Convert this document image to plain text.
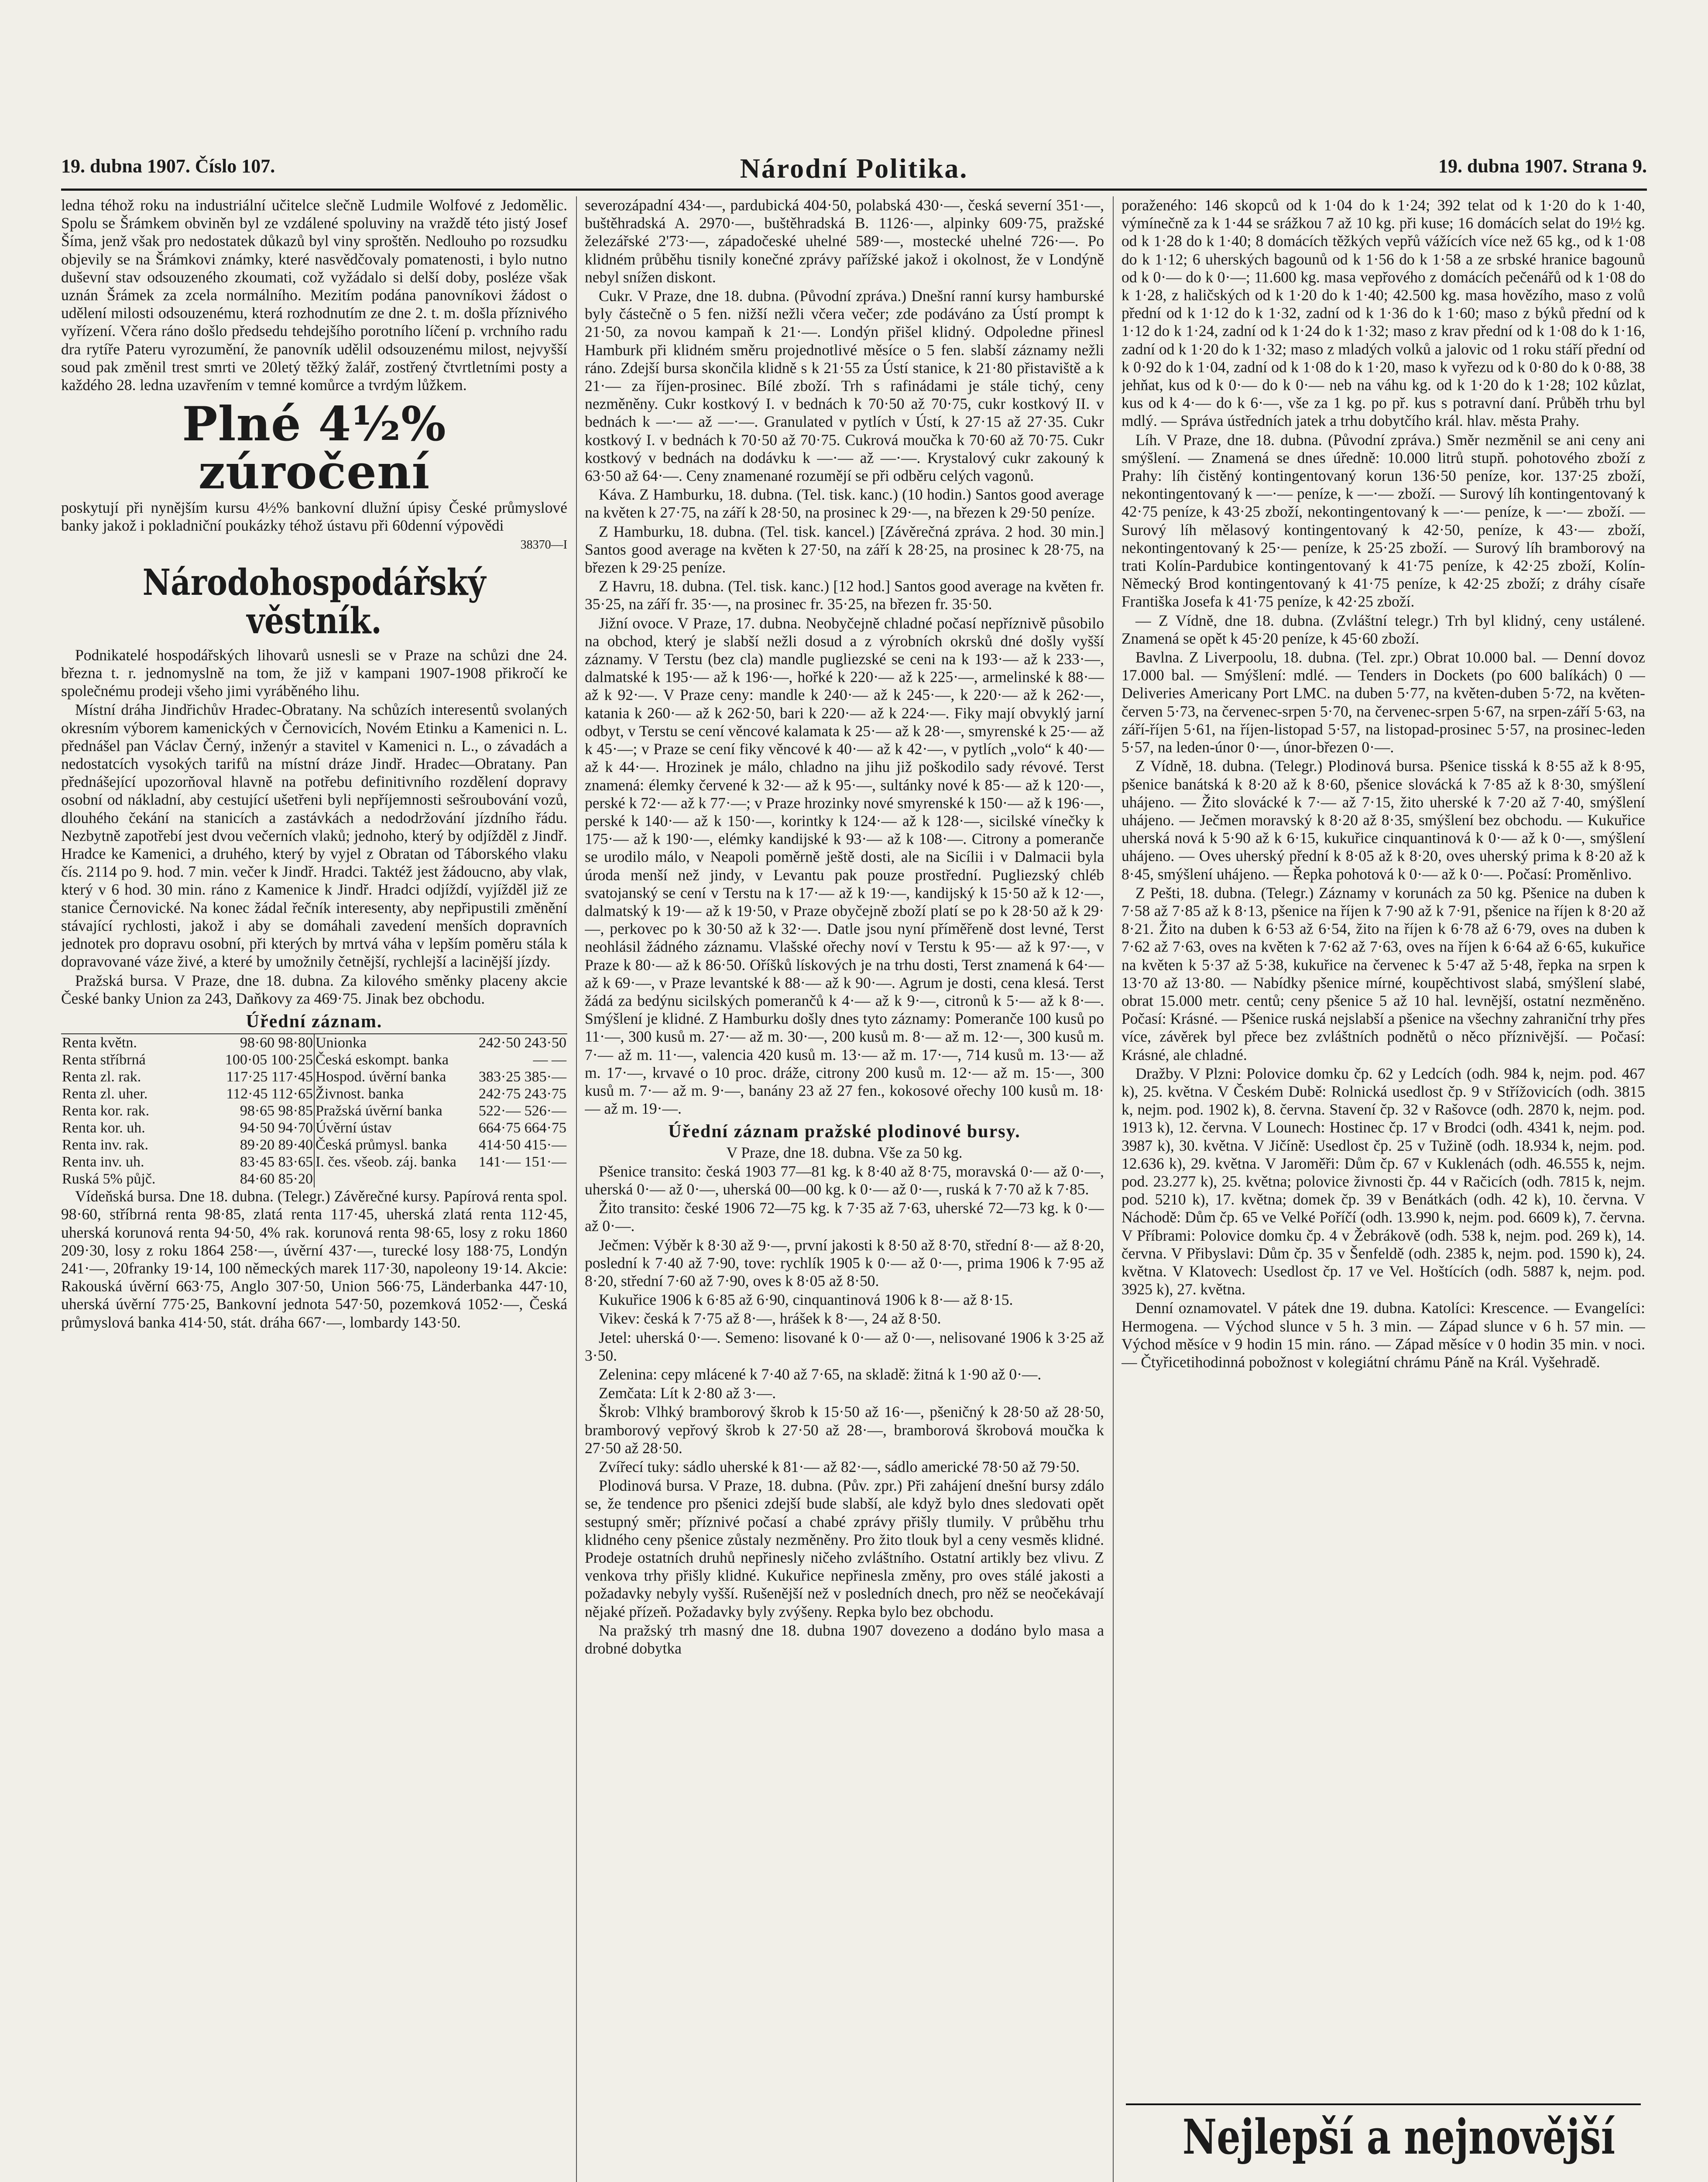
19. dubna 1907. Číslo 107.	Národní Politika.	19. dubna 1907. Strana 9.

ledna téhož roku na industriální učitelce slečně Ludmile Wolfové z Jedomělic. Spolu se Šrámkem obviněn byl ze vzdálené spoluviny na vraždě této jistý Josef Šíma, jenž však pro nedostatek důkazů byl viny sproštěn. Nedlouho po rozsudku objevily se na Šrámkovi známky, které nasvědčovaly pomatenosti, i bylo nutno duševní stav odsouzeného zkoumati, což vyžádalo si delší doby, posléze však uznán Šrámek za zcela normálního. Mezitím podána panovníkovi žádost o udělení milosti odsouzenému, která rozhodnutím ze dne 2. t. m. došla příznivého vyřízení. Včera ráno došlo předsedu tehdejšího porotního líčení p. vrchního radu dra rytíře Pateru vyrozumění, že panovník udělil odsouzenému milost, nejvyšší soud pak změnil trest smrti ve 20letý těžký žalář, zostřený čtvrtletními posty a každého 28. ledna uzavřením v temné komůrce a tvrdým lůžkem.

Plné 4½% zúročení

poskytují při nynějším kursu 4½% bankovní dlužní úpisy České průmyslové banky jakož i pokladniční poukázky téhož ústavu při 60denní výpovědi

38370—I
Národohospodářský věstník.

Podnikatelé hospodářských lihovarů usnesli se v Praze na schůzi dne 24. března t. r. jednomyslně na tom, že již v kampani 1907-1908 přikročí ke společnému prodeji všeho jimi vyráběného lihu.

Místní dráha Jindřichův Hradec-Obratany. Na schůzích interesentů svolaných okresním výborem kamenických v Černovicích, Novém Etinku a Kamenici n. L. přednášel pan Václav Černý, inženýr a stavitel v Kamenici n. L., o závadách a nedostatcích vysokých tarifů na místní dráze Jindř. Hradec—Obratany. Pan přednášející upozorňoval hlavně na potřebu definitivního rozdělení dopravy osobní od nákladní, aby cestující ušetřeni byli nepříjemnosti sešroubování vozů, dlouhého čekání na stanicích a zastávkách a nedodržování jízdního řádu. Nezbytně zapotřebí jest dvou večerních vlaků; jednoho, který by odjížděl z Jindř. Hradce ke Kamenici, a druhého, který by vyjel z Obratan od Táborského vlaku čís. 2114 po 9. hod. 7 min. večer k Jindř. Hradci. Taktéž jest žádoucno, aby vlak, který v 6 hod. 30 min. ráno z Kamenice k Jindř. Hradci odjíždí, vyjížděl již ze stanice Černovické. Na konec žádal řečník interesenty, aby nepřipustili změnění stávající rychlosti, jakož i aby se domáhali zavedení menších dopravních jednotek pro dopravu osobní, při kterých by mrtvá váha v lepším poměru stála k dopravované váze živé, a které by umožnily četnější, rychlejší a lacinější jízdy.

Pražská bursa. V Praze, dne 18. dubna. Za kilového směnky placeny akcie České banky Union za 243, Daňkovy za 469·75. Jinak bez obchodu.

Úřední záznam.
Renta květn.	98·60 98·80
Renta stříbrná	100·05 100·25
Renta zl. rak.	117·25 117·45
Renta zl. uher.	112·45 112·65
Renta kor. rak.	98·65 98·85
Renta kor. uh.	94·50 94·70
Renta inv. rak.	89·20 89·40
Renta inv. uh.	83·45 83·65
Ruská 5% půjč.	84·60 85·20
Unionka	242·50 243·50
Česká eskompt. banka	— —
Hospod. úvěrní banka	383·25 385·—
Živnost. banka	242·75 243·75
Pražská úvěrní banka	522·— 526·—
Úvěrní ústav	664·75 664·75
Česká průmysl. banka	414·50 415·—
I. čes. všeob. záj. banka	141·— 151·—

Vídeňská bursa. Dne 18. dubna. (Telegr.) Závěrečné kursy. Papírová renta spol. 98·60, stříbrná renta 98·85, zlatá renta 117·45, uherská zlatá renta 112·45, uherská korunová renta 94·50, 4% rak. korunová renta 98·65, losy z roku 1860 209·30, losy z roku 1864 258·—, úvěrní 437·—, turecké losy 188·75, Londýn 241·—, 20franky 19·14, 100 německých marek 117·30, napoleony 19·14. Akcie: Rakouská úvěrní 663·75, Anglo 307·50, Union 566·75, Länderbanka 447·10, uherská úvěrní 775·25, Bankovní jednota 547·50, pozemková 1052·—, Česká průmyslová banka 414·50, stát. dráha 667·—, lombardy 143·50.

severozápadní 434·—, pardubická 404·50, polabská 430·—, česká severní 351·—, buštěhradská A. 2970·—, buštěhradská B. 1126·—, alpinky 609·75, pražské železářské 2'73·—, západočeské uhelné 589·—, mostecké uhelné 726·—. Po klidném průběhu tisnily konečné zprávy pařížské jakož i okolnost, že v Londýně nebyl snížen diskont.

Cukr. V Praze, dne 18. dubna. (Původní zpráva.) Dnešní ranní kursy hamburské byly částečně o 5 fen. nižší nežli včera večer; zde podáváno za Ústí prompt k 21·50, za novou kampaň k 21·—. Londýn přišel klidný. Odpoledne přinesl Hamburk při klidném směru projednotlivé měsíce o 5 fen. slabší záznamy nežli ráno. Zdejší bursa skončila klidně s k 21·55 za Ústí stanice, k 21·80 přistaviště a k 21·— za říjen-prosinec. Bílé zboží. Trh s rafinádami je stále tichý, ceny nezměněny. Cukr kostkový I. v bednách k 70·50 až 70·75, cukr kostkový II. v bednách k —·— až —·—. Granulated v pytlích v Ústí, k 27·15 až 27·35. Cukr kostkový I. v bednách k 70·50 až 70·75. Cukrová moučka k 70·60 až 70·75. Cukr kostkový v bednách na dodávku k —·— až —·—. Krystalový cukr zakouný k 63·50 až 64·—. Ceny znamenané rozumějí se při odběru celých vagonů.

Káva. Z Hamburku, 18. dubna. (Tel. tisk. kanc.) (10 hodin.) Santos good average na květen k 27·75, na září k 28·50, na prosinec k 29·—, na březen k 29·50 peníze.

Z Hamburku, 18. dubna. (Tel. tisk. kancel.) [Závěrečná zpráva. 2 hod. 30 min.] Santos good average na květen k 27·50, na září k 28·25, na prosinec k 28·75, na březen k 29·25 peníze.

Z Havru, 18. dubna. (Tel. tisk. kanc.) [12 hod.] Santos good average na květen fr. 35·25, na září fr. 35·—, na prosinec fr. 35·25, na březen fr. 35·50.

Jižní ovoce. V Praze, 17. dubna. Neobyčejně chladné počasí nepříznivě působilo na obchod, který je slabší nežli dosud a z výrobních okrsků dné došly vyšší záznamy. V Terstu (bez cla) mandle pugliezské se ceni na k 193·— až k 233·—, dalmatské k 195·— až k 196·—, hořké k 220·— až k 225·—, armelinské k 88·— až k 92·—. V Praze ceny: mandle k 240·— až k 245·—, k 220·— až k 262·—, katania k 260·— až k 262·50, bari k 220·— až k 224·—. Fiky mají obvyklý jarní odbyt, v Terstu se cení věncové kalamata k 25·— až k 28·—, smyrenské k 25·— až k 45·—; v Praze se cení fiky věncové k 40·— až k 42·—, v pytlích „volo“ k 40·— až k 44·—. Hrozinek je málo, chladno na jihu již poškodilo sady révové. Terst znamená: élemky červené k 32·— až k 95·—, sultánky nové k 85·— až k 120·—, perské k 72·— až k 77·—; v Praze hrozinky nové smyrenské k 150·— až k 196·—, perské k 140·— až k 150·—, korintky k 124·— až k 128·—, sicilské vínečky k 175·— až k 190·—, elémky kandijské k 93·— až k 108·—. Citrony a pomeranče se urodilo málo, v Neapoli poměrně ještě dosti, ale na Sicílii i v Dalmacii byla úroda menší než jindy, v Levantu pak pouze prostřední. Pugliezský chléb svatojanský se cení v Terstu na k 17·— až k 19·—, kandijský k 15·50 až k 12·—, dalmatský k 19·— až k 19·50, v Praze obyčejně zboží platí se po k 28·50 až k 29·—, perkovec po k 30·50 až k 32·—. Datle jsou nyní příměřeně dost levné, Terst neohlásil žádného záznamu. Vlašské ořechy noví v Terstu k 95·— až k 97·—, v Praze k 80·— až k 86·50. Oříšků lískových je na trhu dosti, Terst znamená k 64·— až k 69·—, v Praze levantské k 88·— až k 90·—. Agrum je dosti, cena klesá. Terst žádá za bedýnu sicilských pomerančů k 4·— až k 9·—, citronů k 5·— až k 8·—. Smýšlení je klidné. Z Hamburku došly dnes tyto záznamy: Pomeranče 100 kusů po 11·—, 300 kusů m. 27·— až m. 30·—, 200 kusů m. 8·— až m. 12·—, 300 kusů m. 7·— až m. 11·—, valencia 420 kusů m. 13·— až m. 17·—, 714 kusů m. 13·— až m. 17·—, krvavé o 10 proc. dráže, citrony 200 kusů m. 12·— až m. 15·—, 300 kusů m. 7·— až m. 9·—, banány 23 až 27 fen., kokosové ořechy 100 kusů m. 18·— až m. 19·—.

Úřední záznam pražské plodinové bursy.

V Praze, dne 18. dubna. Vše za 50 kg.

Pšenice transito: česká 1903 77—81 kg. k 8·40 až 8·75, moravská 0·— až 0·—, uherská 0·— až 0·—, uherská 00—00 kg. k 0·— až 0·—, ruská k 7·70 až k 7·85.

Žito transito: české 1906 72—75 kg. k 7·35 až 7·63, uherské 72—73 kg. k 0·— až 0·—.

Ječmen: Výběr k 8·30 až 9·—, první jakosti k 8·50 až 8·70, střední 8·— až 8·20, poslední k 7·40 až 7·90, tove: rychlík 1905 k 0·— až 0·—, prima 1906 k 7·95 až 8·20, střední 7·60 až 7·90, oves k 8·05 až 8·50.

Kukuřice 1906 k 6·85 až 6·90, cinquantinová 1906 k 8·— až 8·15.

Vikev: česká k 7·75 až 8·—, hrášek k 8·—, 24 až 8·50.

Jetel: uherská 0·—. Semeno: lisované k 0·— až 0·—, nelisované 1906 k 3·25 až 3·50.

Zelenina: cepy mlácené k 7·40 až 7·65, na skladě: žitná k 1·90 až 0·—.

Zemčata: Lít k 2·80 až 3·—.

Škrob: Vlhký bramborový škrob k 15·50 až 16·—, pšeničný k 28·50 až 28·50, bramborový vepřový škrob k 27·50 až 28·—, bramborová škrobová moučka k 27·50 až 28·50.

Zvířecí tuky: sádlo uherské k 81·— až 82·—, sádlo americké 78·50 až 79·50.

Plodinová bursa. V Praze, 18. dubna. (Pův. zpr.) Při zahájení dnešní bursy zdálo se, že tendence pro pšenici zdejší bude slabší, ale když bylo dnes sledovati opět sestupný směr; příznivé počasí a chabé zprávy přišly tlumily. V průběhu trhu klidného ceny pšenice zůstaly nezměněny. Pro žito tlouk byl a ceny vesměs klidné. Prodeje ostatních druhů nepřinesly ničeho zvláštního. Ostatní artikly bez vlivu. Z venkova trhy přišly klidné. Kukuřice nepřinesla změny, pro oves stálé jakosti a požadavky nebyly vyšší. Rušenější než v posledních dnech, pro něž se neočekávají nějaké přízeň. Požadavky byly zvýšeny. Repka bylo bez obchodu.

Na pražský trh masný dne 18. dubna 1907 dovezeno a dodáno bylo masa a drobné dobytka

poraženého: 146 skopců od k 1·04 do k 1·24; 392 telat od k 1·20 do k 1·40, výmínečně za k 1·44 se srážkou 7 až 10 kg. při kuse; 16 domácích selat do 19½ kg. od k 1·28 do k 1·40; 8 domácích těžkých vepřů vážících více než 65 kg., od k 1·08 do k 1·12; 6 uherských bagounů od k 1·56 do k 1·58 a ze srbské hranice bagounů od k 0·— do k 0·—; 11.600 kg. masa vepřového z domácích pečenářů od k 1·08 do k 1·28, z haličských od k 1·20 do k 1·40; 42.500 kg. masa hovězího, maso z volů přední od k 1·12 do k 1·32, zadní od k 1·36 do k 1·60; maso z býků přední od k 1·12 do k 1·24, zadní od k 1·24 do k 1·32; maso z krav přední od k 1·08 do k 1·16, zadní od k 1·20 do k 1·32; maso z mladých volků a jalovic od 1 roku stáří přední od k 0·92 do k 1·04, zadní od k 1·08 do k 1·20, maso k vyřezu od k 0·80 do k 0·88, 38 jehňat, kus od k 0·— do k 0·— neb na váhu kg. od k 1·20 do k 1·28; 102 kůzlat, kus od k 4·— do k 6·—, vše za 1 kg. po př. kus s potravní daní. Průběh trhu byl mdlý. — Správa ústředních jatek a trhu dobytčího král. hlav. města Prahy.

Líh. V Praze, dne 18. dubna. (Původní zpráva.) Směr nezměnil se ani ceny ani smýšlení. — Znamená se dnes úředně: 10.000 litrů stupň. pohotového zboží z Prahy: líh čistěný kontingentovaný korun 136·50 peníze, kor. 137·25 zboží, nekontingentovaný k —·— peníze, k —·— zboží. — Surový líh kontingentovaný k 42·75 peníze, k 43·25 zboží, nekontingentovaný k —·— peníze, k —·— zboží. — Surový líh mělasový kontingentovaný k 42·50, peníze, k 43·— zboží, nekontingentovaný k 25·— peníze, k 25·25 zboží. — Surový líh bramborový na trati Kolín-Pardubice kontingentovaný k 41·75 peníze, k 42·25 zboží, Kolín-Německý Brod kontingentovaný k 41·75 peníze, k 42·25 zboží; z dráhy císaře Františka Josefa k 41·75 peníze, k 42·25 zboží.

— Z Vídně, dne 18. dubna. (Zvláštní telegr.) Trh byl klidný, ceny ustálené. Znamená se opět k 45·20 peníze, k 45·60 zboží.

Bavlna. Z Liverpoolu, 18. dubna. (Tel. zpr.) Obrat 10.000 bal. — Denní dovoz 17.000 bal. — Smýšlení: mdlé. — Tenders in Dockets (po 600 balíkách) 0 — Deliveries Americany Port LMC. na duben 5·77, na květen-duben 5·72, na květen-červen 5·73, na červenec-srpen 5·70, na červenec-srpen 5·67, na srpen-září 5·63, na září-říjen 5·61, na říjen-listopad 5·57, na listopad-prosinec 5·57, na prosinec-leden 5·57, na leden-únor 0·—, únor-březen 0·—.

Z Vídně, 18. dubna. (Telegr.) Plodinová bursa. Pšenice tisská k 8·55 až k 8·95, pšenice banátská k 8·20 až k 8·60, pšenice slovácká k 7·85 až k 8·30, smýšlení uhájeno. — Žito slovácké k 7·— až 7·15, žito uherské k 7·20 až 7·40, smýšlení uhájeno. — Ječmen moravský k 8·20 až 8·35, smýšlení bez obchodu. — Kukuřice uherská nová k 5·90 až k 6·15, kukuřice cinquantinová k 0·— až k 0·—, smýšlení uhájeno. — Oves uherský přední k 8·05 až k 8·20, oves uherský prima k 8·20 až k 8·45, smýšlení uhájeno. — Řepka pohotová k 0·— až k 0·—. Počasí: Proměnlivo.

Z Pešti, 18. dubna. (Telegr.) Záznamy v korunách za 50 kg. Pšenice na duben k 7·58 až 7·85 až k 8·13, pšenice na říjen k 7·90 až k 7·91, pšenice na říjen k 8·20 až 8·21. Žito na duben k 6·53 až 6·54, žito na říjen k 6·78 až 6·79, oves na duben k 7·62 až 7·63, oves na květen k 7·62 až 7·63, oves na říjen k 6·64 až 6·65, kukuřice na květen k 5·37 až 5·38, kukuřice na červenec k 5·47 až 5·48, řepka na srpen k 13·70 až 13·80. — Nabídky pšenice mírné, koupěchtivost slabá, smýšlení slabé, obrat 15.000 metr. centů; ceny pšenice 5 až 10 hal. levnější, ostatní nezměněno. Počasí: Krásné. — Pšenice ruská nejslabší a pšenice na všechny zahraniční trhy přes více, závěrek byl přece bez zvláštních podnětů o něco příznivější. — Počasí: Krásné, ale chladné.

Dražby. V Plzni: Polovice domku čp. 62 y Ledcích (odh. 984 k, nejm. pod. 467 k), 25. května. V Českém Dubě: Rolnická usedlost čp. 9 v Střížovicích (odh. 3815 k, nejm. pod. 1902 k), 8. června. Stavení čp. 32 v Rašovce (odh. 2870 k, nejm. pod. 1913 k), 12. června. V Lounech: Hostinec čp. 17 v Brodci (odh. 4341 k, nejm. pod. 3987 k), 30. května. V Jičíně: Usedlost čp. 25 v Tužině (odh. 18.934 k, nejm. pod. 12.636 k), 29. května. V Jaroměři: Dům čp. 67 v Kuklenách (odh. 46.555 k, nejm. pod. 23.277 k), 25. května; polovice živnosti čp. 44 v Račicích (odh. 7815 k, nejm. pod. 5210 k), 17. května; domek čp. 39 v Benátkách (odh. 42 k), 10. června. V Náchodě: Dům čp. 65 ve Velké Poříčí (odh. 13.990 k, nejm. pod. 6609 k), 7. června. V Příbrami: Polovice domku čp. 4 v Žebrákově (odh. 538 k, nejm. pod. 269 k), 14. června. V Přibyslavi: Dům čp. 35 v Šenfeldě (odh. 2385 k, nejm. pod. 1590 k), 24. května. V Klatovech: Usedlost čp. 17 ve Vel. Hoštících (odh. 5887 k, nejm. pod. 3925 k), 27. května.

Denní oznamovatel. V pátek dne 19. dubna. Katolíci: Krescence. — Evangelíci: Hermogena. — Východ slunce v 5 h. 3 min. — Západ slunce v 6 h. 57 min. — Východ měsíce v 9 hodin 15 min. ráno. — Západ měsíce v 0 hodin 35 min. v noci. — Čtyřicetihodinná pobožnost v kolegiátní chrámu Páně na Král. Vyšehradě.

Nejlepší a nejnovější
